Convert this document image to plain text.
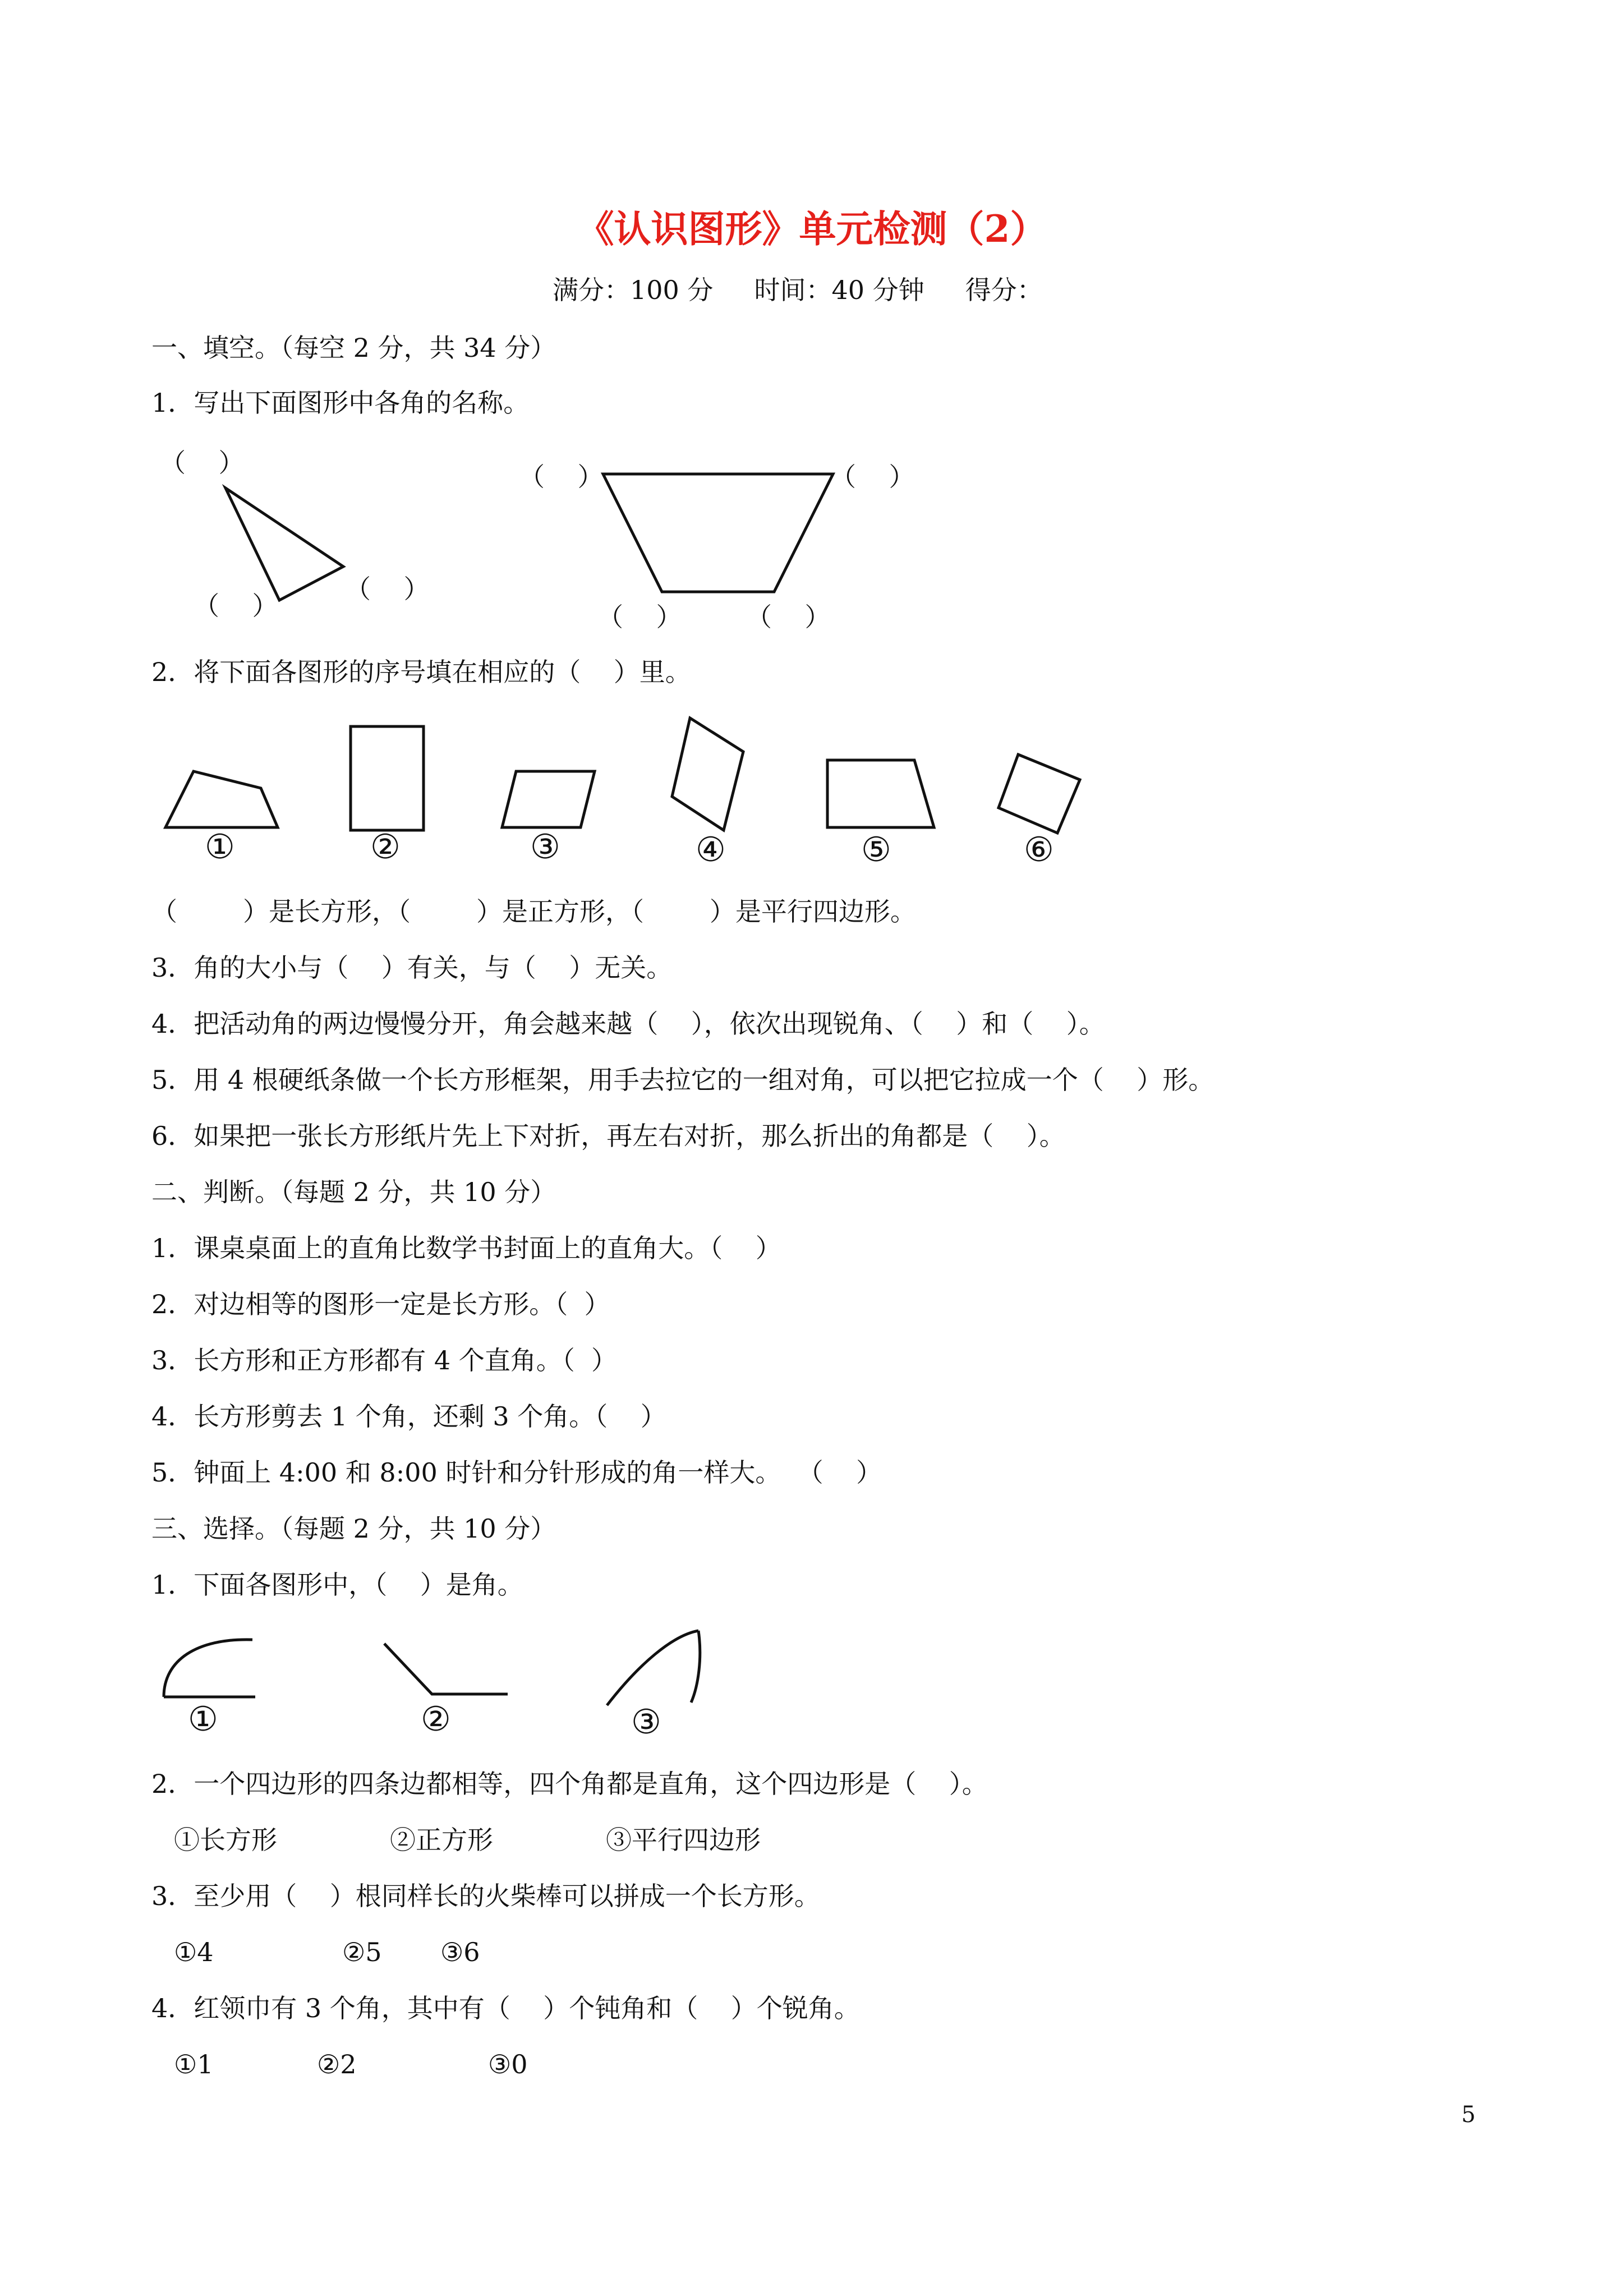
《认识图形》单元检测（2）
满分：100 分     时间：40 分钟     得分：
一、填空。（每空 2 分，共 34 分）
1．写出下面图形中各角的名称。
（    ）
（    ）
（    ）
（    ）	（    ）
（    ） （    ）
2．将下面各图形的序号填在相应的（    ）里。
①	②	③	④	⑤	⑥
（        ）是长方形，（        ）是正方形，（        ）是平行四边形。
3．角的大小与（    ）有关，与（    ）无关。
4．把活动角的两边慢慢分开，角会越来越（    ），依次出现锐角、（    ）和（    ）。
5．用 4 根硬纸条做一个长方形框架，用手去拉它的一组对角，可以把它拉成一个（    ）形。
6．如果把一张长方形纸片先上下对折，再左右对折，那么折出的角都是（    ）。
二、判断。（每题 2 分，共 10 分）
1．课桌桌面上的直角比数学书封面上的直角大。（    ）
2．对边相等的图形一定是长方形。（  ）
3．长方形和正方形都有 4 个直角。（  ）
4．长方形剪去 1 个角，还剩 3 个角。（    ）
5．钟面上 4:00 和 8:00 时针和分针形成的角一样大。  （    ）
三、选择。（每题 2 分，共 10 分）
1．下面各图形中，（    ）是角。
①	②	③
2．一个四边形的四条边都相等，四个角都是直角，这个四边形是（    ）。
①长方形	②正方形	③平行四边形
3．至少用（    ）根同样长的火柴棒可以拼成一个长方形。
①4	②5 ③6
4．红领巾有 3 个角，其中有（    ）个钝角和（    ）个锐角。
①1	②2	③0
5
